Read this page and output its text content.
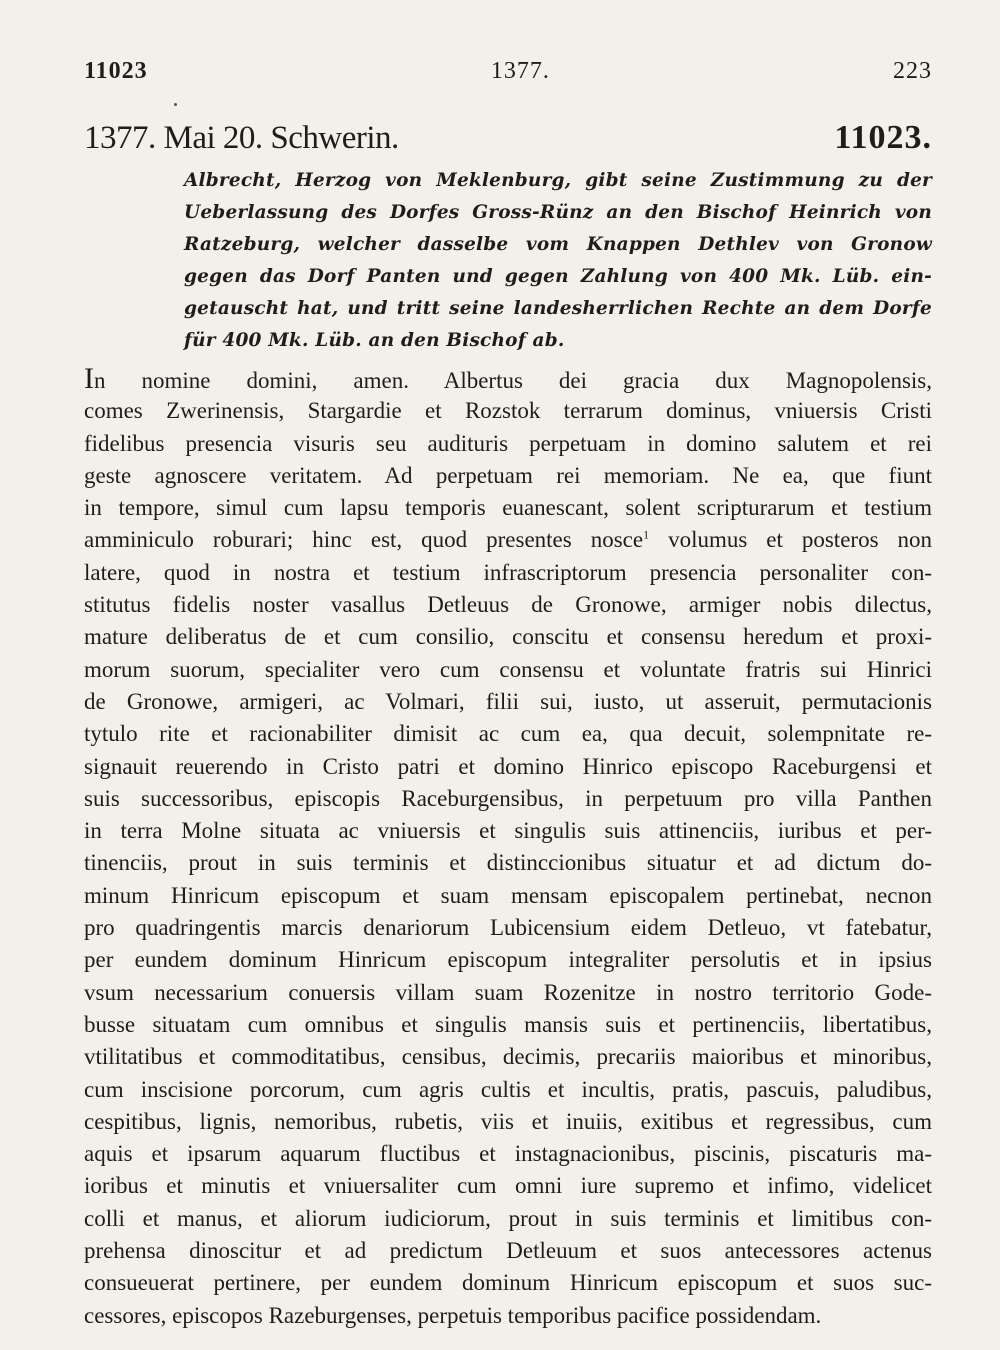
11023	1377.	223
1377. Mai 20. Schwerin.	11023.
Albrecht, Herzog von Meklenburg, gibt seine Zustimmung zu der
Ueberlassung des Dorfes Gross-Rünz an den Bischof Heinrich von
Ratzeburg, welcher dasselbe vom Knappen Dethlev von Gronow
gegen das Dorf Panten und gegen Zahlung von 400 Mk. Lüb. ein-
getauscht hat, und tritt seine landesherrlichen Rechte an dem Dorfe
für 400 Mk. Lüb. an den Bischof ab.
In nomine domini, amen. Albertus dei gracia dux Magnopolensis,
comes Zwerinensis, Stargardie et Rozstok terrarum dominus, vniuersis Cristi
fidelibus presencia visuris seu audituris perpetuam in domino salutem et rei
geste agnoscere veritatem. Ad perpetuam rei memoriam. Ne ea, que fiunt
in tempore, simul cum lapsu temporis euanescant, solent scripturarum et testium
amminiculo roburari; hinc est, quod presentes nosce$^1$ volumus et posteros non
latere, quod in nostra et testium infrascriptorum presencia personaliter con-
stitutus fidelis noster vasallus Detleuus de Gronowe, armiger nobis dilectus,
mature deliberatus de et cum consilio, conscitu et consensu heredum et proxi-
morum suorum, specialiter vero cum consensu et voluntate fratris sui Hinrici
de Gronowe, armigeri, ac Volmari, filii sui, iusto, ut asseruit, permutacionis
tytulo rite et racionabiliter dimisit ac cum ea, qua decuit, solempnitate re-
signauit reuerendo in Cristo patri et domino Hinrico episcopo Raceburgensi et
suis successoribus, episcopis Raceburgensibus, in perpetuum pro villa Panthen
in terra Molne situata ac vniuersis et singulis suis attinenciis, iuribus et per-
tinenciis, prout in suis terminis et distinccionibus situatur et ad dictum do-
minum Hinricum episcopum et suam mensam episcopalem pertinebat, necnon
pro quadringentis marcis denariorum Lubicensium eidem Detleuo, vt fatebatur,
per eundem dominum Hinricum episcopum integraliter persolutis et in ipsius
vsum necessarium conuersis villam suam Rozenitze in nostro territorio Gode-
busse situatam cum omnibus et singulis mansis suis et pertinenciis, libertatibus,
vtilitatibus et commoditatibus, censibus, decimis, precariis maioribus et minoribus,
cum inscisione porcorum, cum agris cultis et incultis, pratis, pascuis, paludibus,
cespitibus, lignis, nemoribus, rubetis, viis et inuiis, exitibus et regressibus, cum
aquis et ipsarum aquarum fluctibus et instagnacionibus, piscinis, piscaturis ma-
ioribus et minutis et vniuersaliter cum omni iure supremo et infimo, videlicet
colli et manus, et aliorum iudiciorum, prout in suis terminis et limitibus con-
prehensa dinoscitur et ad predictum Detleuum et suos antecessores actenus
consueuerat pertinere, per eundem dominum Hinricum episcopum et suos suc-
cessores, episcopos Razeburgenses, perpetuis temporibus pacifice possidendam.
